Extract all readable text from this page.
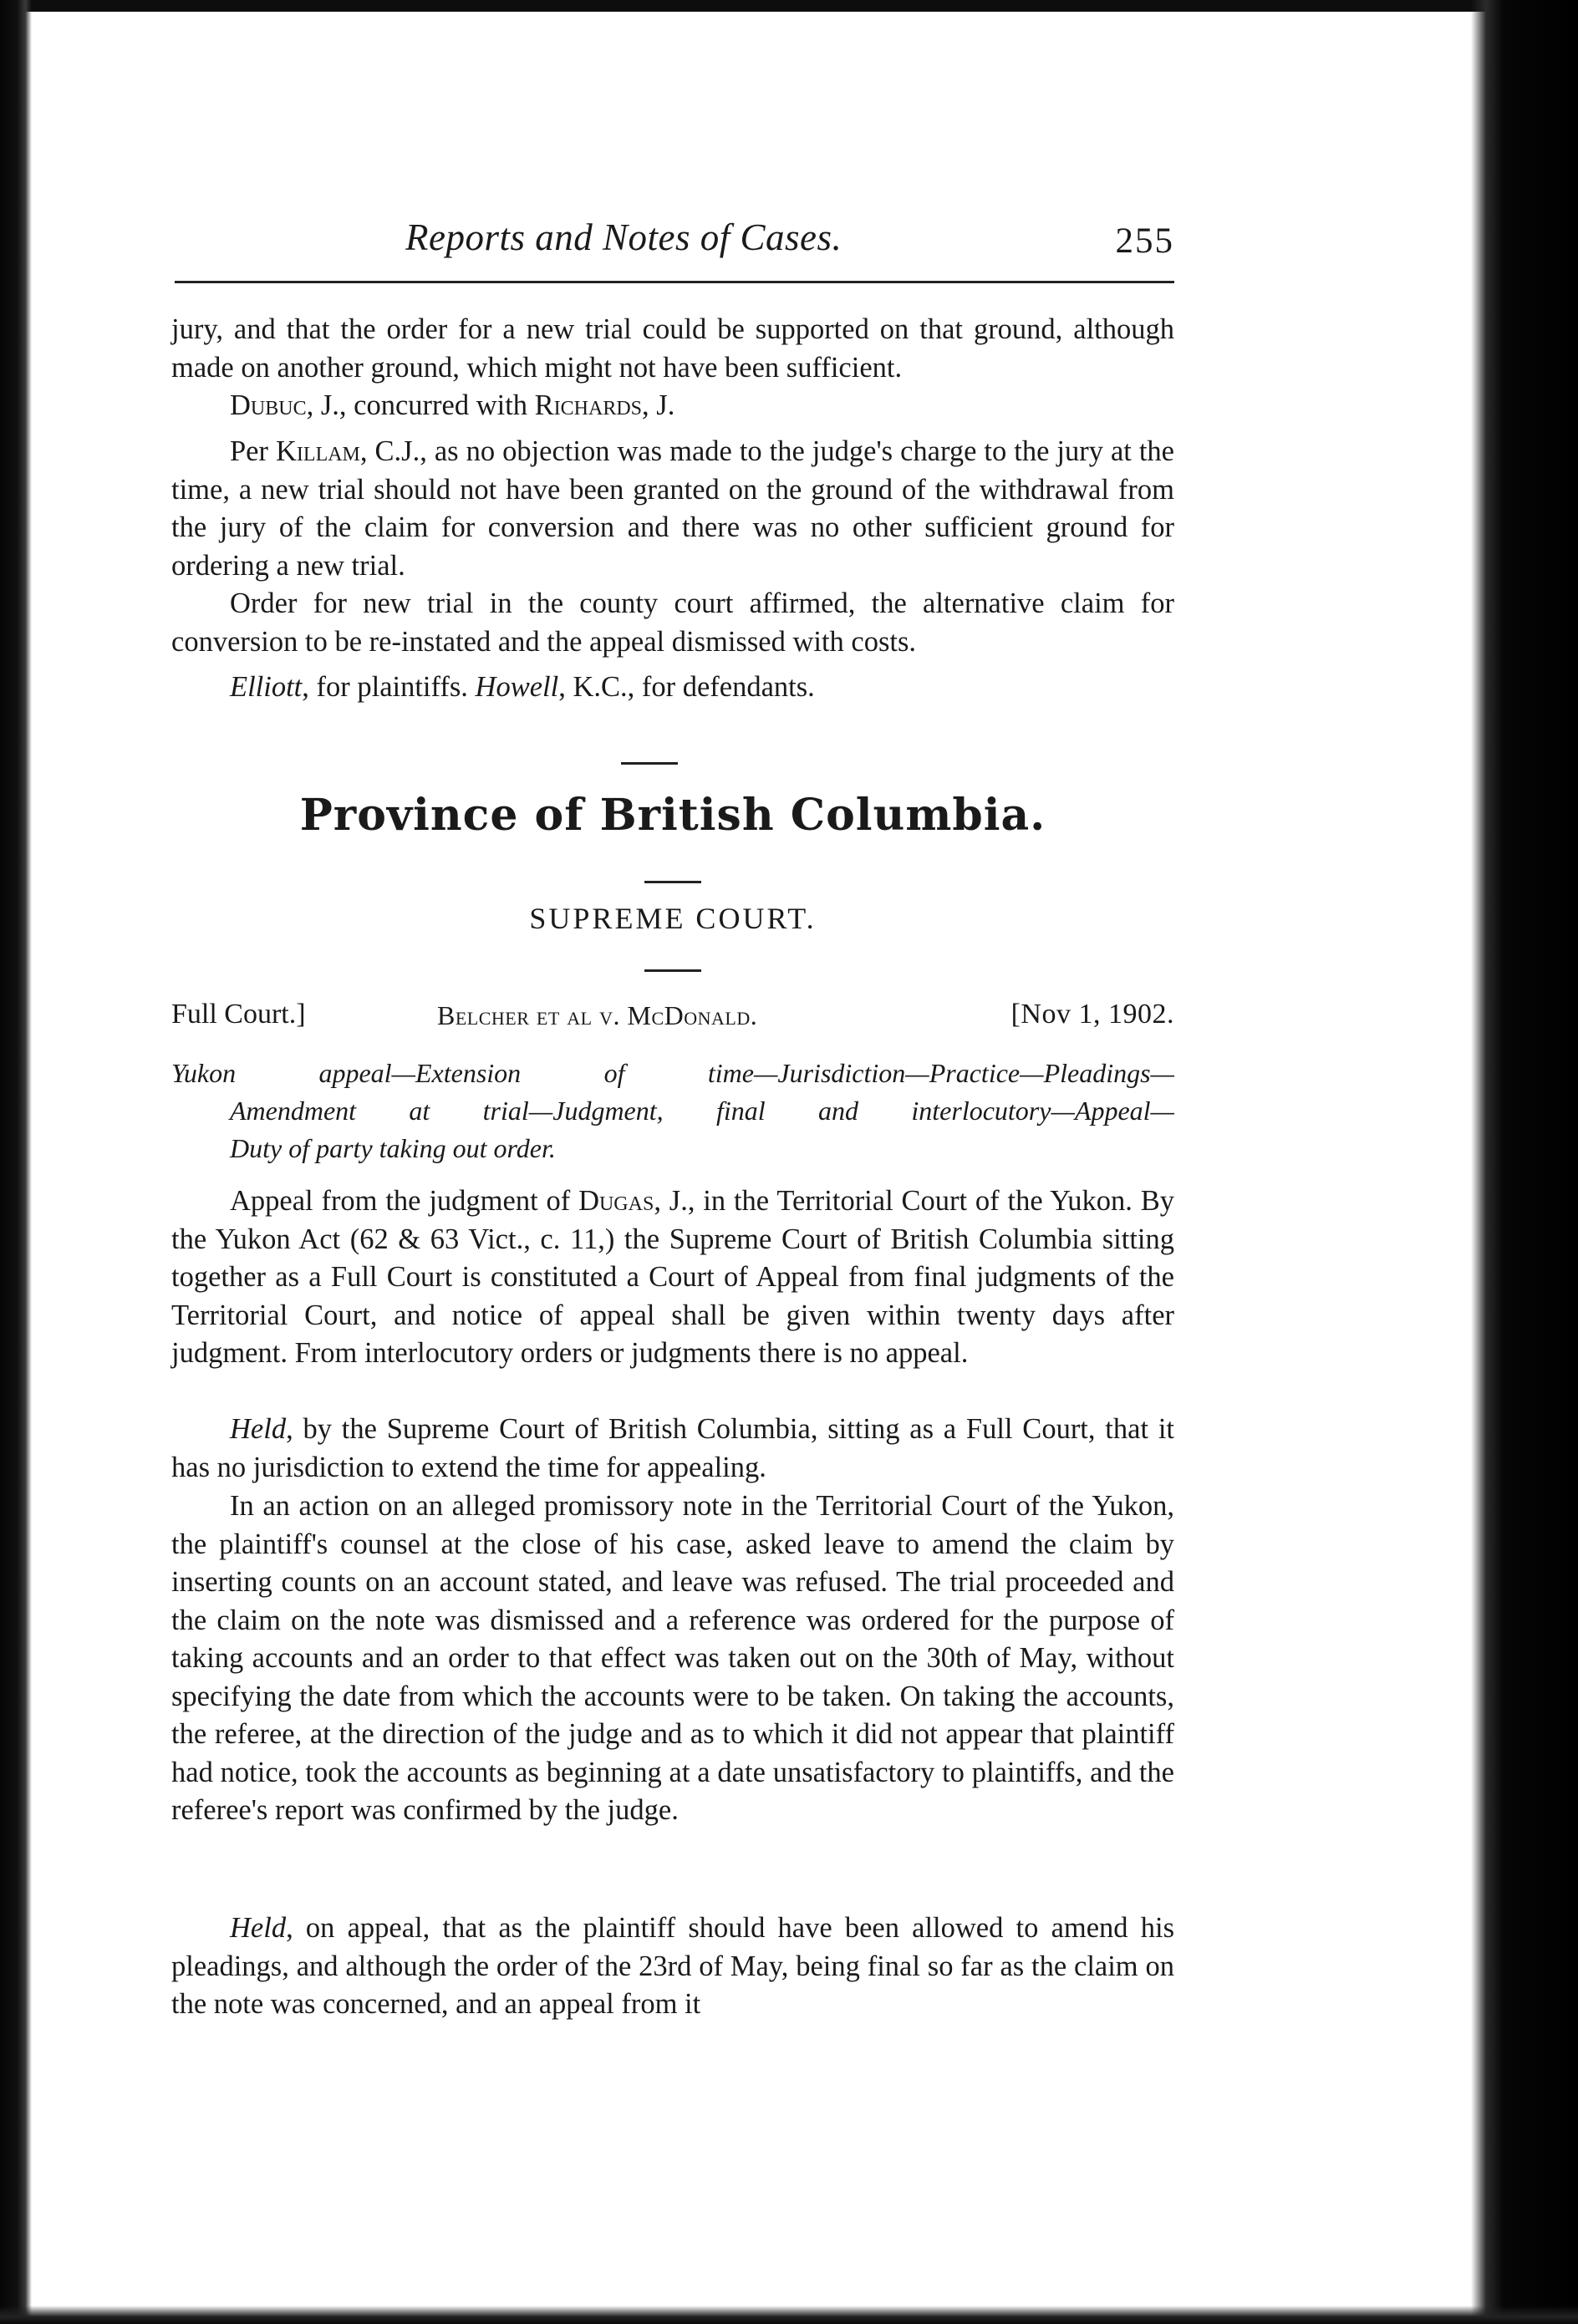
Reports and Notes of Cases.	255

jury, and that the order for a new trial could be supported on that ground, although made on another ground, which might not have been sufficient.

Dubuc, J., concurred with Richards, J.

Per Killam, C.J., as no objection was made to the judge's charge to the jury at the time, a new trial should not have been granted on the ground of the withdrawal from the jury of the claim for conversion and there was no other sufficient ground for ordering a new trial.

Order for new trial in the county court affirmed, the alternative claim for conversion to be re-instated and the appeal dismissed with costs.

Elliott, for plaintiffs. Howell, K.C., for defendants.

Province of British Columbia.
SUPREME COURT.
Full Court.]	Belcher et al v. McDonald.	[Nov 1, 1902.

Yukon appeal—Extension of time—Jurisdiction—Practice—Pleadings—

Amendment at trial—Judgment, final and interlocutory—Appeal—

Duty of party taking out order.

Appeal from the judgment of Dugas, J., in the Territorial Court of the Yukon. By the Yukon Act (62 & 63 Vict., c. 11,) the Supreme Court of British Columbia sitting together as a Full Court is constituted a Court of Appeal from final judgments of the Territorial Court, and notice of appeal shall be given within twenty days after judgment. From interlocutory orders or judgments there is no appeal.

Held, by the Supreme Court of British Columbia, sitting as a Full Court, that it has no jurisdiction to extend the time for appealing.

In an action on an alleged promissory note in the Territorial Court of the Yukon, the plaintiff's counsel at the close of his case, asked leave to amend the claim by inserting counts on an account stated, and leave was refused. The trial proceeded and the claim on the note was dismissed and a reference was ordered for the purpose of taking accounts and an order to that effect was taken out on the 30th of May, without specifying the date from which the accounts were to be taken. On taking the accounts, the referee, at the direction of the judge and as to which it did not appear that plaintiff had notice, took the accounts as beginning at a date unsatisfactory to plaintiffs, and the referee's report was confirmed by the judge.

Held, on appeal, that as the plaintiff should have been allowed to amend his pleadings, and although the order of the 23rd of May, being final so far as the claim on the note was concerned, and an appeal from it
